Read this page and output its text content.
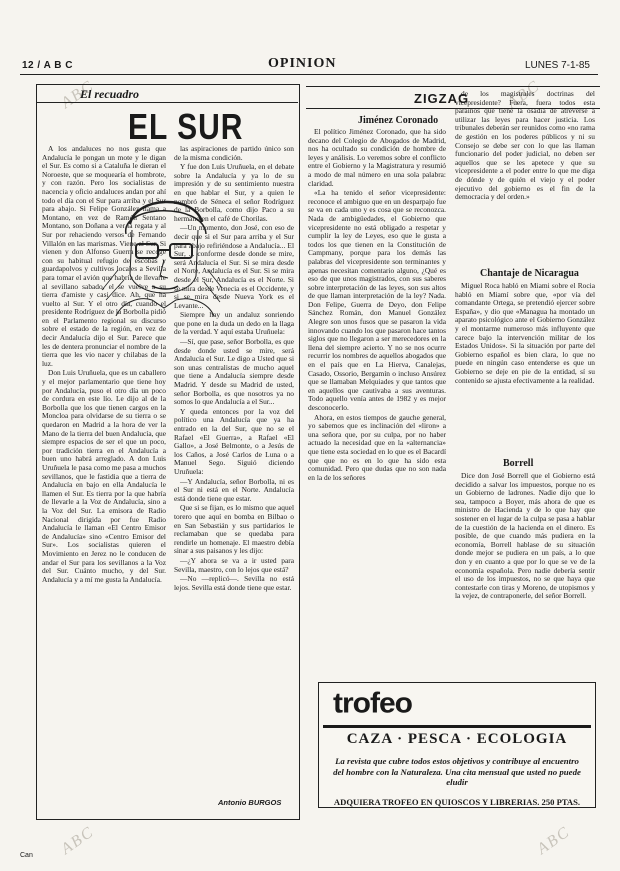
12 / A B C	OPINION	LUNES 7-1-85
ABC	ABC
ABC	ABC
El recuadro
EL SUR

A los andaluces no nos gusta que Andalucía le pongan un mote y le digan el Sur. Es como si a Cataluña le dieran el Noroeste, que se moquearía el hombrote, y con razón. Pero los socialistas de nacencia y oficio andaluces andan por ahí todo el día con el Sur para arriba y el Sur para abajo. Si Felipe González llama a Montano, en vez de Ramón Sentano Montano, son Doñana a ver la regata y al Sur por rehaciendo versos de Fernando Villalón en las marismas. Viene al Sur. Si vienen y don Alfonso Guerra se recoge con su habitual refugio de escobas y guardapolvos y cultivos locales a Sevilla para tomar el avión que habría de llevarle al sevillano sabado, el se vuelve a su tierra d'amiste y casi dice. Ah, que ha vuelto al Sur. Y el otro día, cuando el presidente Rodríguez de la Borbolla pidió en el Parlamento regional su discurso sobre el estado de la región, en vez de decir Andalucía dijo el Sur. Parece que les de dentera pronunciar el nombre de la tierra que les vio nacer y chilabas de la luz.

Don Luis Uruñuela, que es un caballero y el mejor parlamentario que tiene hoy por Andalucía, puso el otro día un poco de cordura en este lío. Le dijo al de la Borbolla que los que tienen cargos en la Moncloa para olvidarse de su tierra o se quedaron en Madrid a la hora de ver la Mano de la tierra del buen Andalucía, que siempre espacios de ser el que un poco, por tradición tierra en el Andalucía a buen uno habrá arreglado. A don Luis Uruñuela le pasa como me pasa a muchos sevillanos, que le fastidia que a tierra de Andalucía en bajo en ella Andalucía le llamen el Sur. Es tierra por la que habría de llevarle a la Voz de Andalucía, sino a la Voz del Sur. La emisora de Radio Nacional dirigida por fue Radio Andalucía le llaman «El Centro Emisor de Andalucía» sino «Centro Emisor del Sur». Los socialistas quieren el Movimiento en Jerez no le conducen de andar el Sur para los sevillanos a la Voz del Sur. Cuánto mucho, y del Sur. Andalucía y a mí me gusta la Andalucía.

las aspiraciones de partido único son de la misma condición.

Y fue don Luis Uruñuela, en el debate sobre la Andalucía y ya lo de su impresión y de su sentimiento nuestra en que hablar el Sur, y a quien le nombró de Séneca el señor Rodríguez de la Borbolla, como dijo Paco a su hermano en el café de Chorilas.

—Un momento, don José, con eso de decir que si el Sur para arriba y el Sur para abajo refiriéndose a Andalucía... El Sur, ... conforme desde donde se mire, será Andalucía el Sur. Si se mira desde el Norte, Andalucía es el Sur. Si se mira desde el Sur, Andalucía es el Norte. Si se mira desde Venecia es el Occidente, y si se mira desde Nueva York es el Levante...

Siempre hay un andaluz sonriendo que pone en la duda un dedo en la llaga de la verdad. Y aquí estaba Uruñuela:

—Sí, que pase, señor Borbolla, es que desde donde usted se mire, será Andalucía el Sur. Le digo a Usted que si son unas centralistas de mucho aquel que tiene a Andalucía siempre desde Madrid. Y desde su Madrid de usted, señor Borbolla, es que nosotros ya no somos lo que Andalucía a el Sur...

Y queda entonces por la voz del político una Andalucía que ya ha entrado en la del Sur, que no se el Rafael «El Guerra», a Rafael «El Gallo», a José Belmonte, o a Jesús de los Caños, a José Carlos de Luna o a Manuel Sego. Siguió diciendo Uruñuela:

—Y Andalucía, señor Borbolla, ni es el Sur ni está en el Norte. Andalucía está donde tiene que estar.

Que si se fijan, es lo mismo que aquel torero que aquí en bomba en Bilbao o en San Sebastián y sus partidarios le reclamaban que se quedaba para rendirle un homenaje. El maestro debía sinar a sus paisanos y les dijo:

—¿Y ahora se va a ir usted para Sevilla, maestro, con lo lejos que está?

—No —replicó—. Sevilla no está lejos. Sevilla está donde tiene que estar.

Antonio BURGOS
ZIGZAG
Jiménez Coronado

El político Jiménez Coronado, que ha sido decano del Colegio de Abogados de Madrid, nos ha ocultado su condición de hombre de leyes y análisis. Lo veremos sobre el conflicto entre el Gobierno y la Magistratura y resumió a modo de mal número en una sola palabra: claridad.

«La ha tenido el señor vicepresidente: reconoce el ambiguo que en un desparpajo fue se va en cada uno y es cosa que se reconozca. Nada de ambigüedades, el Gobierno que vicepresidente no está obligado a respetar y cumplir la ley de Leyes, eso que le gusta a todos los que tienen en la Constitución de Campmany, porque para los demás las palabras del vicepresidente son terminantes y apenas necesitan comentario alguno, ¿Qué es eso de que unos magistrados, con sus saberes sobre interpretación de las leyes, son sus altos de que llaman interpretación de la ley? Nada. Don Felipe, Guerra de Deyo, don Felipe Sánchez Román, don Manuel González Alegre son unos fusos que se pasaron la vida innovando cuando los que pasaron hace tantos siglos que no llegaron a ser merecedores en la llena del siempre acierto. Y no se nos ocurre recurrir los nombres de aquellos abogados que en el país que en La Hierva, Canalejas, Casado, Ossorio, Bergamín o incluso Ansúrez que se llamaban Melquiades y que tantos que en aquellos que cautivaba a sus aventuras. Todo aquello venía antes de 1982 y es mejor desconocerlo.

Ahora, en estos tiempos de gauche general, yo sabemos que es inclinación del «liron» a una señora que, por su culpa, por no haber actuado la necesidad que en la «alternancia» que tiene esta sociedad en lo que es el Bacardí que que no es en lo que ha sido esta comunidad. Pero que dudas que no son nada en la de los señores

de los magistrales doctrinas del vicepresidente? Fuera, fuera todos esta paraínos que tiene la osadía de atreverse a utilizar las leyes para hacer justicia. Los tribunales deberán ser reunidos como «no rama de gestión en los poderes públicos y ni su Consejo se debe ser con lo que las llaman funcionario del poder judicial, no deben ser aquellos que se les apetece y que su vicepresidente a el poder entre lo que me diga de dónde y de quién el viejo y el poder ejecutivo del gobierno es el fin de la democracia y del orden.»

Chantaje de Nicaragua

Miguel Roca habló en Miami sobre el Rocia habló en Miamí sobre que, «por vía del comandante Ortega, se pretendió ejercer sobre España», y dio que «Managua ha montado un aparato psicológico ante el Gobierno González y el montarme numeroso más influyente que carece bajo la intervención militar de los Estados Unidos». Si la situación por parte del Gobierno español es bien clara, lo que no puede en ningún caso entenderse es que un Gobierno se deje en pie de la entidad, sí su contenido se ajusta efectivamente a la realidad.

Borrell

Dice don José Borrell que el Gobierno está decidido a salvar los impuestos, porque no es un Gobierno de ladrones. Nadie dijo que lo sea, tampoco a Boyer, más ahora de que es ministro de Hacienda y de lo que hay que sostener en el lugar de la culpa se pasa a hablar de la cuestión de la hacienda en el dinero. Es posible, de que cuando más pudiera en la economía, Borrell hablase de su situación donde mejor se pudiera en un país, a lo que don y en cuanto a que por lo que se ve de la economía española. Pero nadie debería sentir el uso de los impuestos, no se que haya que contestarle con tiras y Moreno, de utopismos y la vejez, de contraponerle, del señor Borrell.

trofeo
CAZA · PESCA · ECOLOGIA
La revista que cubre todos estos objetivos y contribuye al encuentro del hombre con la Naturaleza. Una cita mensual que usted no puede eludir
ADQUIERA TROFEO EN QUIOSCOS Y LIBRERIAS. 250 PTAS.
Can
